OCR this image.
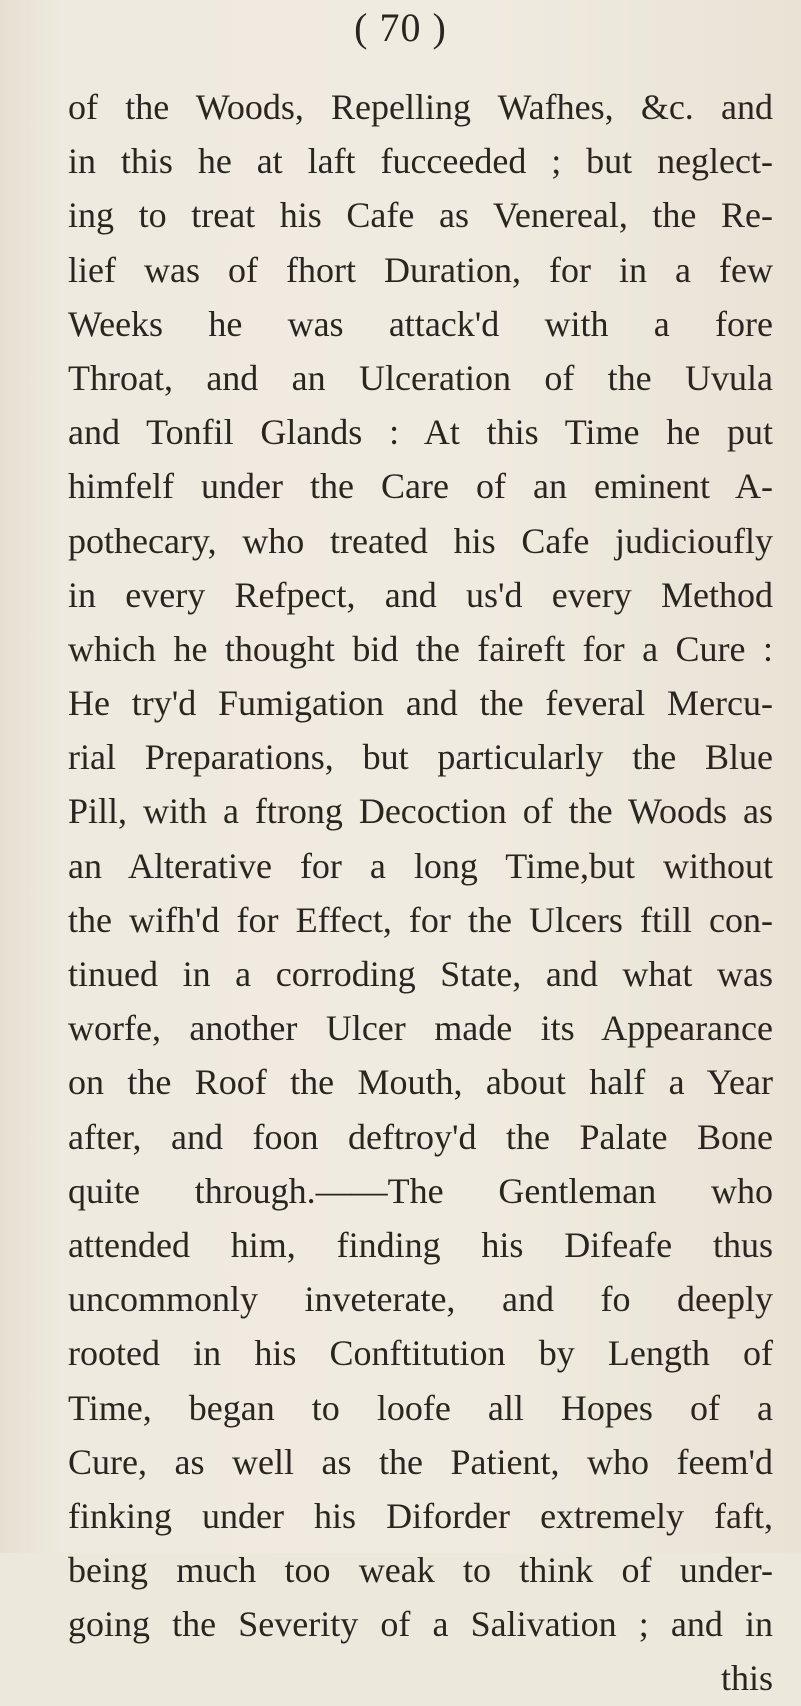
( 70 )
of the Woods, Repelling Wafhes, &c. and
in this he at laft fucceeded ; but neglect-
ing to treat his Cafe as Venereal, the Re-
lief was of fhort Duration, for in a few
Weeks he was attack'd with a fore
Throat, and an Ulceration of the Uvula
and Tonfil Glands : At this Time he put
himfelf under the Care of an eminent A-
pothecary, who treated his Cafe judicioufly
in every Refpect, and us'd every Method
which he thought bid the faireft for a Cure :
He try'd Fumigation and the feveral Mercu-
rial Preparations, but particularly the Blue
Pill, with a ftrong Decoction of the Woods as
an Alterative for a long Time,but without
the wifh'd for Effect, for the Ulcers ftill con-
tinued in a corroding State, and what was
worfe, another Ulcer made its Appearance
on the Roof the Mouth, about half a Year
after, and foon deftroy'd the Palate Bone
quite through.——The Gentleman who
attended him, finding his Difeafe thus
uncommonly inveterate, and fo deeply
rooted in his Conftitution by Length of
Time, began to loofe all Hopes of a
Cure, as well as the Patient, who feem'd
finking under his Diforder extremely faft,
being much too weak to think of under-
going the Severity of a Salivation ; and in
this
